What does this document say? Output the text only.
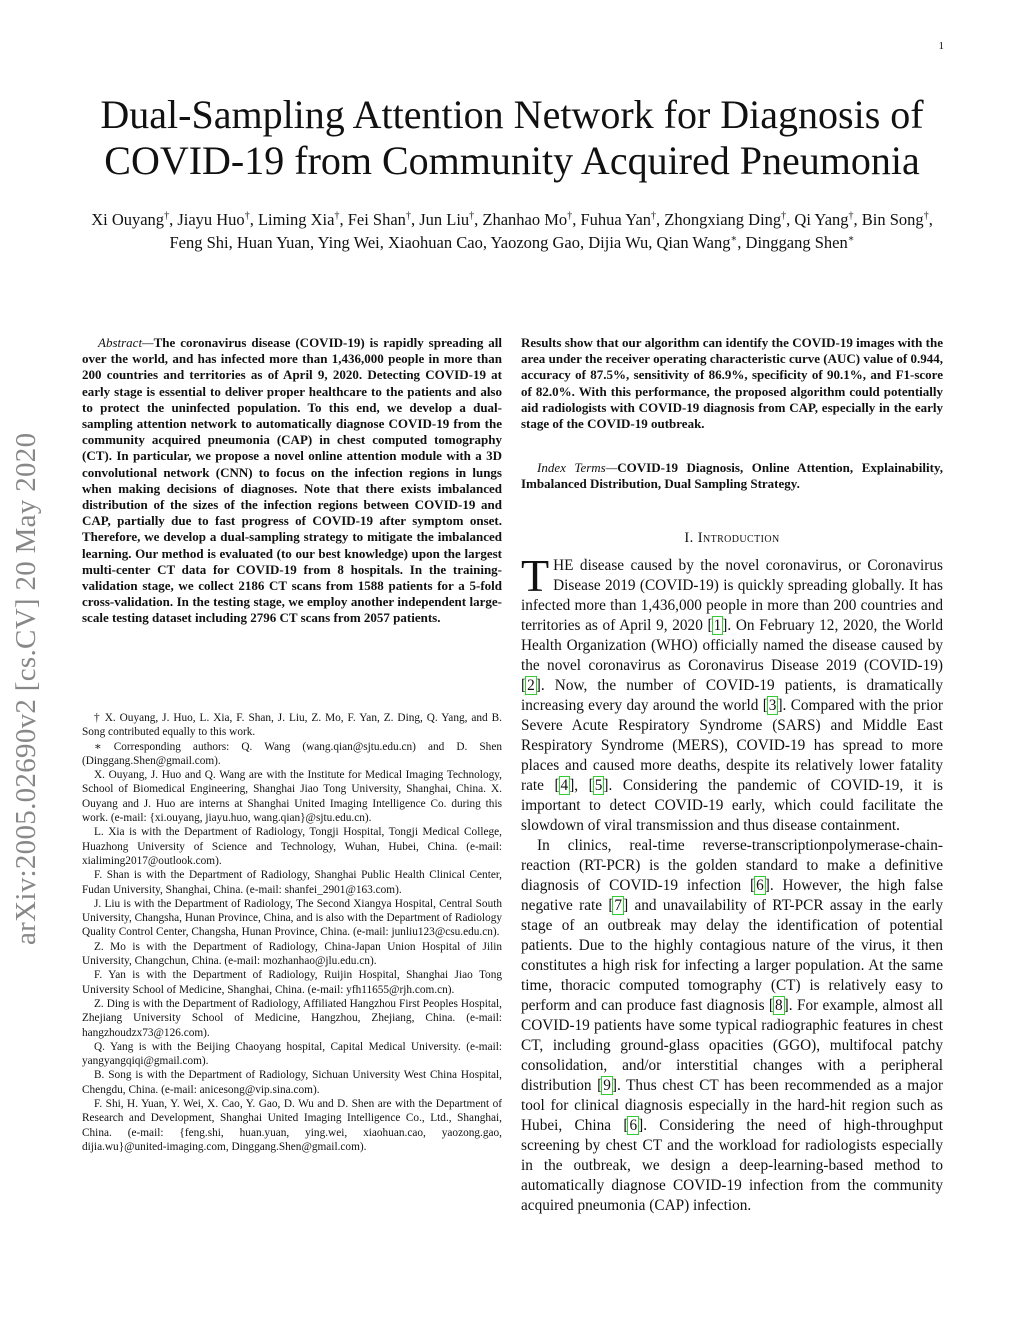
1
arXiv:2005.02690v2 [cs.CV] 20 May 2020
Dual-Sampling Attention Network for Diagnosis of COVID-19 from Community Acquired Pneumonia
Xi Ouyang†, Jiayu Huo†, Liming Xia†, Fei Shan†, Jun Liu†, Zhanhao Mo†, Fuhua Yan†, Zhongxiang Ding†, Qi Yang†, Bin Song†, Feng Shi, Huan Yuan, Ying Wei, Xiaohuan Cao, Yaozong Gao, Dijia Wu, Qian Wang∗, Dinggang Shen∗

Abstract—The coronavirus disease (COVID-19) is rapidly spreading all over the world, and has infected more than 1,436,000 people in more than 200 countries and territories as of April 9, 2020. Detecting COVID-19 at early stage is essential to deliver proper healthcare to the patients and also to protect the uninfected population. To this end, we develop a dual-sampling attention network to automatically diagnose COVID-19 from the community acquired pneumonia (CAP) in chest computed tomography (CT). In particular, we propose a novel online attention module with a 3D convolutional network (CNN) to focus on the infection regions in lungs when making decisions of diagnoses. Note that there exists imbalanced distribution of the sizes of the infection regions between COVID-19 and CAP, partially due to fast progress of COVID-19 after symptom onset. Therefore, we develop a dual-sampling strategy to mitigate the imbalanced learning. Our method is evaluated (to our best knowledge) upon the largest multi-center CT data for COVID-19 from 8 hospitals. In the training-validation stage, we collect 2186 CT scans from 1588 patients for a 5-fold cross-validation. In the testing stage, we employ another independent large-scale testing dataset including 2796 CT scans from 2057 patients.

† X. Ouyang, J. Huo, L. Xia, F. Shan, J. Liu, Z. Mo, F. Yan, Z. Ding, Q. Yang, and B. Song contributed equally to this work.

∗ Corresponding authors: Q. Wang (wang.qian@sjtu.edu.cn) and D. Shen (Dinggang.Shen@gmail.com).

X. Ouyang, J. Huo and Q. Wang are with the Institute for Medical Imaging Technology, School of Biomedical Engineering, Shanghai Jiao Tong University, Shanghai, China. X. Ouyang and J. Huo are interns at Shanghai United Imaging Intelligence Co. during this work. (e-mail: {xi.ouyang, jiayu.huo, wang.qian}@sjtu.edu.cn).

L. Xia is with the Department of Radiology, Tongji Hospital, Tongji Medical College, Huazhong University of Science and Technology, Wuhan, Hubei, China. (e-mail: xialiming2017@outlook.com).

F. Shan is with the Department of Radiology, Shanghai Public Health Clinical Center, Fudan University, Shanghai, China. (e-mail: shanfei_2901@163.com).

J. Liu is with the Department of Radiology, The Second Xiangya Hospital, Central South University, Changsha, Hunan Province, China, and is also with the Department of Radiology Quality Control Center, Changsha, Hunan Province, China. (e-mail: junliu123@csu.edu.cn).

Z. Mo is with the Department of Radiology, China-Japan Union Hospital of Jilin University, Changchun, China. (e-mail: mozhanhao@jlu.edu.cn).

F. Yan is with the Department of Radiology, Ruijin Hospital, Shanghai Jiao Tong University School of Medicine, Shanghai, China. (e-mail: yfh11655@rjh.com.cn).

Z. Ding is with the Department of Radiology, Affiliated Hangzhou First Peoples Hospital, Zhejiang University School of Medicine, Hangzhou, Zhejiang, China. (e-mail: hangzhoudzx73@126.com).

Q. Yang is with the Beijing Chaoyang hospital, Capital Medical University. (e-mail: yangyangqiqi@gmail.com).

B. Song is with the Department of Radiology, Sichuan University West China Hospital, Chengdu, China. (e-mail: anicesong@vip.sina.com).

F. Shi, H. Yuan, Y. Wei, X. Cao, Y. Gao, D. Wu and D. Shen are with the Department of Research and Development, Shanghai United Imaging Intelligence Co., Ltd., Shanghai, China. (e-mail: {feng.shi, huan.yuan, ying.wei, xiaohuan.cao, yaozong.gao, dijia.wu}@united-imaging.com, Dinggang.Shen@gmail.com).

Results show that our algorithm can identify the COVID-19 images with the area under the receiver operating characteristic curve (AUC) value of 0.944, accuracy of 87.5%, sensitivity of 86.9%, specificity of 90.1%, and F1-score of 82.0%. With this performance, the proposed algorithm could potentially aid radiologists with COVID-19 diagnosis from CAP, especially in the early stage of the COVID-19 outbreak.

Index Terms—COVID-19 Diagnosis, Online Attention, Explainability, Imbalanced Distribution, Dual Sampling Strategy.

I. Introduction

THE disease caused by the novel coronavirus, or Coronavirus Disease 2019 (COVID-19) is quickly spreading globally. It has infected more than 1,436,000 people in more than 200 countries and territories as of April 9, 2020 [1]. On February 12, 2020, the World Health Organization (WHO) officially named the disease caused by the novel coronavirus as Coronavirus Disease 2019 (COVID-19) [2]. Now, the number of COVID-19 patients, is dramatically increasing every day around the world [3]. Compared with the prior Severe Acute Respiratory Syndrome (SARS) and Middle East Respiratory Syndrome (MERS), COVID-19 has spread to more places and caused more deaths, despite its relatively lower fatality rate [4], [5]. Considering the pandemic of COVID-19, it is important to detect COVID-19 early, which could facilitate the slowdown of viral transmission and thus disease containment.

In clinics, real-time reverse-transcriptionpolymerase-chain-reaction (RT-PCR) is the golden standard to make a definitive diagnosis of COVID-19 infection [6]. However, the high false negative rate [7] and unavailability of RT-PCR assay in the early stage of an outbreak may delay the identification of potential patients. Due to the highly contagious nature of the virus, it then constitutes a high risk for infecting a larger population. At the same time, thoracic computed tomography (CT) is relatively easy to perform and can produce fast diagnosis [8]. For example, almost all COVID-19 patients have some typical radiographic features in chest CT, including ground-glass opacities (GGO), multifocal patchy consolidation, and/or interstitial changes with a peripheral distribution [9]. Thus chest CT has been recommended as a major tool for clinical diagnosis especially in the hard-hit region such as Hubei, China [6]. Considering the need of high-throughput screening by chest CT and the workload for radiologists especially in the outbreak, we design a deep-learning-based method to automatically diagnose COVID-19 infection from the community acquired pneumonia (CAP) infection.
